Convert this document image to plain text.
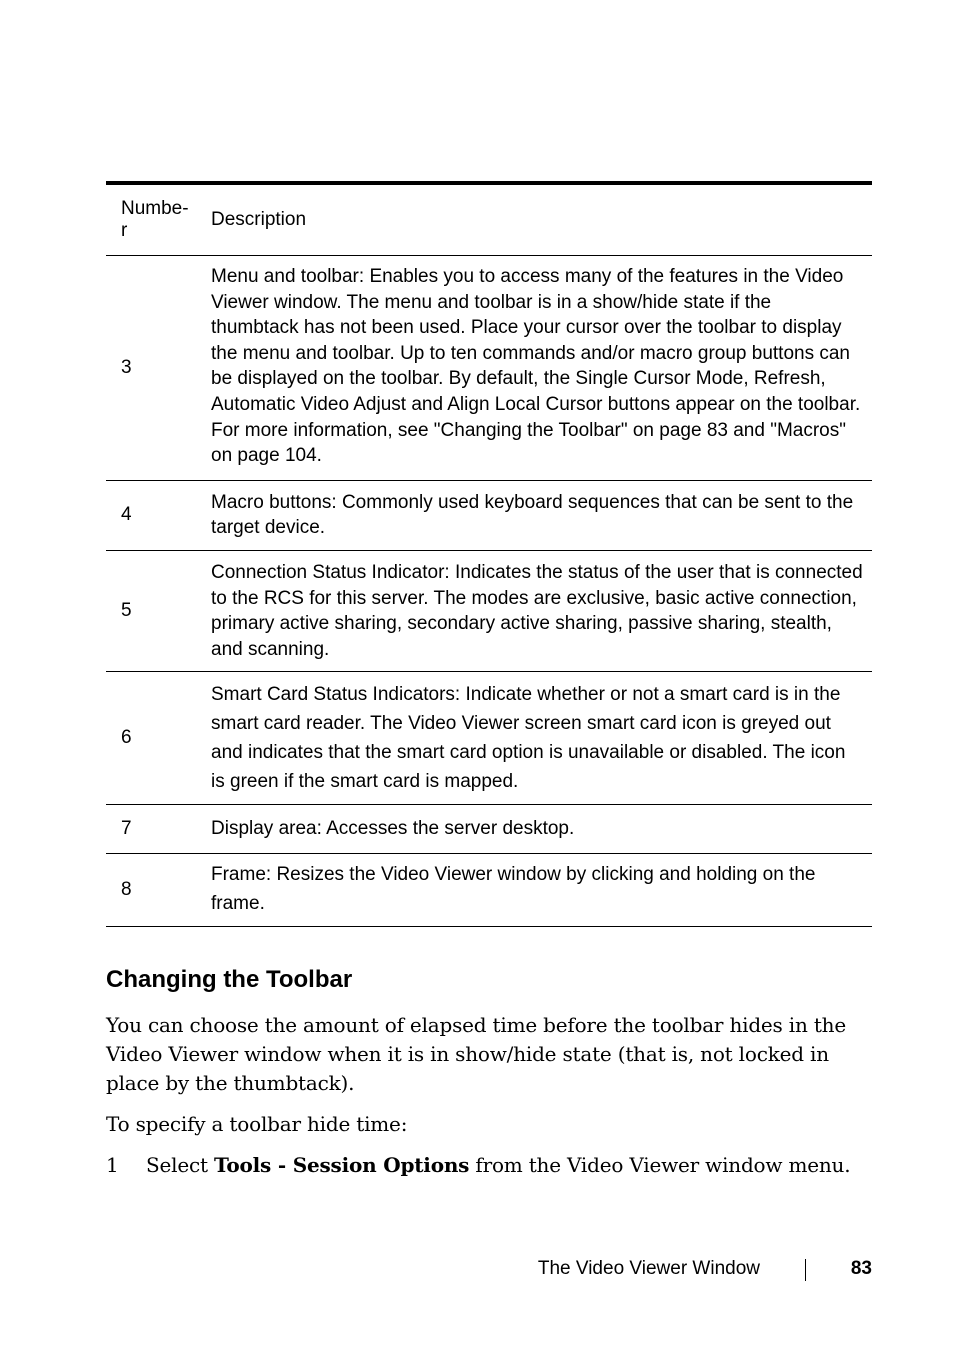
Numbe-
r	Description
3	Menu and toolbar: Enables you to access many of the features in the Video Viewer window. The menu and toolbar is in a show/hide state if the thumbtack has not been used. Place your cursor over the toolbar to display the menu and toolbar. Up to ten commands and/or macro group buttons can be displayed on the toolbar. By default, the Single Cursor Mode, Refresh, Automatic Video Adjust and Align Local Cursor buttons appear on the toolbar. For more information, see "Changing the Toolbar" on page 83 and "Macros" on page 104.
4	Macro buttons: Commonly used keyboard sequences that can be sent to the target device.
5	Connection Status Indicator: Indicates the status of the user that is connected to the RCS for this server. The modes are exclusive, basic active connection, primary active sharing, secondary active sharing, passive sharing, stealth, and scanning.
6	Smart Card Status Indicators: Indicate whether or not a smart card is in the smart card reader. The Video Viewer screen smart card icon is greyed out and indicates that the smart card option is unavailable or disabled. The icon is green if the smart card is mapped.
7	Display area: Accesses the server desktop.
8	Frame: Resizes the Video Viewer window by clicking and holding on the frame.
Changing the Toolbar

You can choose the amount of elapsed time before the toolbar hides in the Video Viewer window when it is in show/hide state (that is, not locked in place by the thumbtack).

To specify a toolbar hide time:

1 Select Tools - Session Options from the Video Viewer window menu.
The Video Viewer Window	83
